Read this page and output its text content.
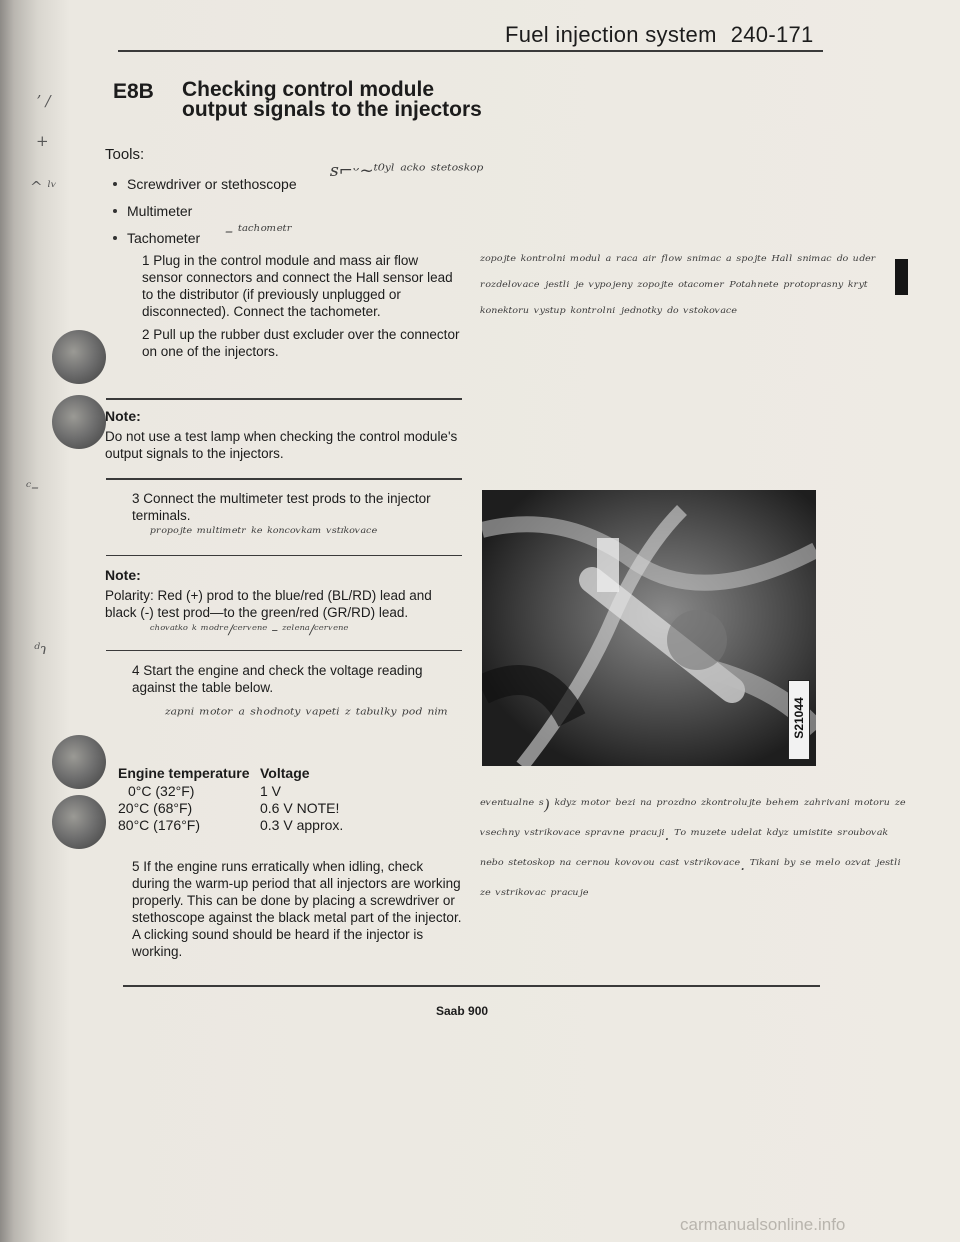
ʼ /
+
^ ˡᵛ
ᶜ–
ᵈɿ
Fuel injection system 240-171
E8B Checking control module output signals to the injectors
Tools:
Screwdriver or stethoscope
Multimeter
Tachometer
ꜱ⌐ᵕ~ᵗ⁰ʸˡ ᵃᶜᵏᵒ ˢᵗᵉᵗᵒˢᵏᵒᵖ
– ᵗᵃᶜʰᵒᵐᵉᵗʳ
1 Plug in the control module and mass air flow sensor connectors and connect the Hall sensor lead to the distributor (if previously unplugged or disconnected). Connect the tachometer.
2 Pull up the rubber dust excluder over the connector on one of the injectors.
ᶻᵒᵖᵒʲᵗᵉ ᵏᵒⁿᵗʳᵒˡⁿⁱ ᵐᵒᵈᵘˡ ᵃ ʳᵃᶜᵃ ᵃⁱʳ ᶠˡᵒʷ ˢⁿⁱᵐᵃᶜ ᵃ ˢᵖᵒʲᵗᵉ ᴴᵃˡˡ ˢⁿⁱᵐᵃᶜ ᵈᵒ ᵘᵈᵉʳ ʳᵒᶻᵈᵉˡᵒᵛᵃᶜᵉ ʲᵉˢᵗˡⁱ ʲᵉ ᵛʸᵖᵒʲᵉⁿʸ ᶻᵒᵖᵒʲᵗᵉ ᵒᵗᵃᶜᵒᵐᵉʳ ᴾᵒᵗᵃʰⁿᵉᵗᵉ ᵖʳᵒᵗᵒᵖʳᵃˢⁿʸ ᵏʳʸᵗ ᵏᵒⁿᵉᵏᵗᵒʳᵘ ᵛʸˢᵗᵘᵖ ᵏᵒⁿᵗʳᵒˡⁿⁱ ʲᵉᵈⁿᵒᵗᵏʸ ᵈᵒ ᵛˢᵗᵒᵏᵒᵛᵃᶜᵉ
Note:
Do not use a test lamp when checking the control module's output signals to the injectors.
3 Connect the multimeter test prods to the injector terminals.
ᵖʳᵒᵖᵒʲᵗᵉ ᵐᵘˡᵗⁱᵐᵉᵗʳ ᵏᵉ ᵏᵒⁿᶜᵒᵛᵏᵃᵐ ᵛˢᵗᶦᵏᵒᵛᵃᶜᵉ
Note:
Polarity: Red (+) prod to the blue/red (BL/RD) lead and black (-) test prod—to the green/red (GR/RD) lead.
ᶜʰᵒᵛᵃᵗᵏᵒ ᵏ ᵐᵒᵈʳᵉ/ᶜᵉʳᵛᵉⁿᵉ – ᶻᵉˡᵉⁿᵃ/ᶜᵉʳᵛᵉⁿᵉ
4 Start the engine and check the voltage reading against the table below.
ᶻᵃᵖⁿⁱ ᵐᵒᵗᵒʳ ᵃ ˢʰᵒᵈⁿᵒᵗʸ ᵛᵃᵖᵉᵗⁱ ᶻ ᵗᵃᵇᵘˡᵏʸ ᵖᵒᵈ ⁿⁱᵐ
Engine temperature Voltage
0°C (32°F)	1 V
20°C (68°F)	0.6 V NOTE!
80°C (176°F)	0.3 V approx.
5 If the engine runs erratically when idling, check during the warm-up period that all injectors are working properly. This can be done by placing a screwdriver or stethoscope against the black metal part of the injector. A clicking sound should be heard if the injector is working.
S21044
ᵉᵛᵉⁿᵗᵘᵃˡⁿᵉ ˢ) ᵏᵈʸᶻ ᵐᵒᵗᵒʳ ᵇᵉᶻⁱ ⁿᵃ ᵖʳᵒᶻᵈⁿᵒ ᶻᵏᵒⁿᵗʳᵒˡᵘʲᵗᵉ ᵇᵉʰᵉᵐ ᶻᵃʰʳⁱᵛᵃⁿⁱ ᵐᵒᵗᵒʳᵘ ᶻᵉ ᵛˢᵉᶜʰⁿʸ ᵛˢᵗʳⁱᵏᵒᵛᵃᶜᵉ ˢᵖʳᵃᵛⁿᵉ ᵖʳᵃᶜᵘʲⁱ. ᵀᵒ ᵐᵘᶻᵉᵗᵉ ᵘᵈᵉˡᵃᵗ ᵏᵈʸᶻ ᵘᵐⁱˢᵗⁱᵗᵉ ˢʳᵒᵘᵇᵒᵛᵃᵏ ⁿᵉᵇᵒ ˢᵗᵉᵗᵒˢᵏᵒᵖ ⁿᵃ ᶜᵉʳⁿᵒᵘ ᵏᵒᵛᵒᵛᵒᵘ ᶜᵃˢᵗ ᵛˢᵗʳⁱᵏᵒᵛᵃᶜᵉ. ᵀⁱᵏᵃⁿⁱ ᵇʸ ˢᵉ ᵐᵉˡᵒ ᵒᶻᵛᵃᵗ ʲᵉˢᵗˡⁱ ᶻᵉ ᵛˢᵗʳⁱᵏᵒᵛᵃᶜ ᵖʳᵃᶜᵘʲᵉ
Saab 900
carmanualsonline.info
